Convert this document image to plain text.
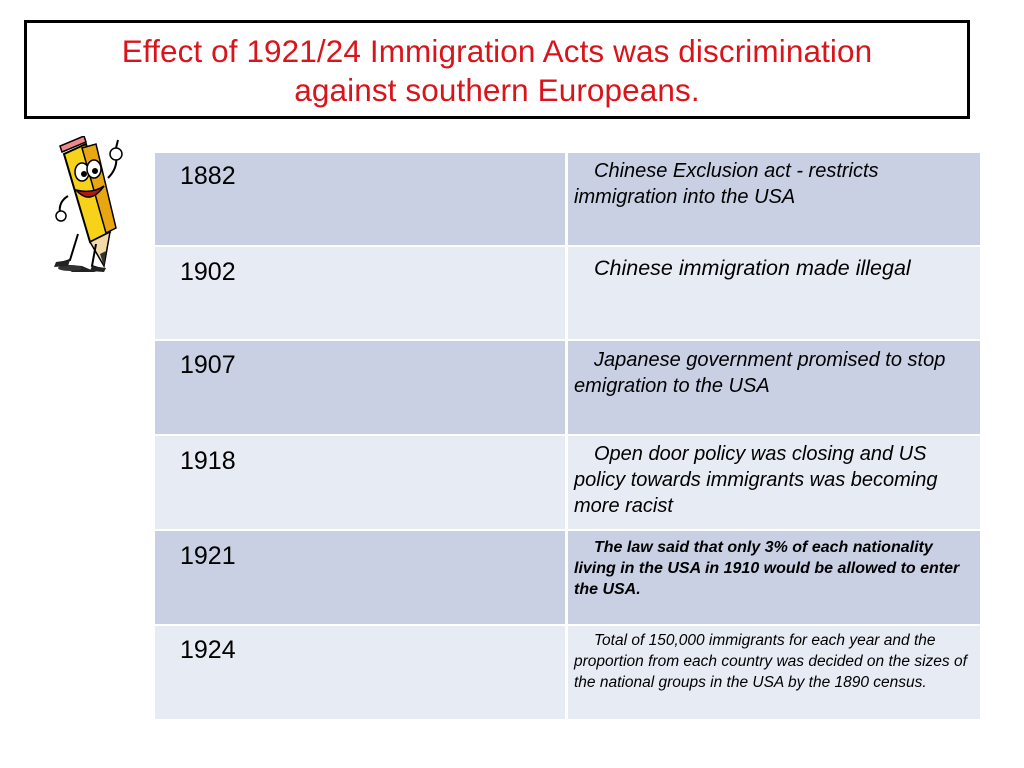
Effect of 1921/24 Immigration Acts was discrimination
against southern Europeans.
1882	Chinese Exclusion act - restricts immigration into the USA

1902	Chinese immigration made illegal

1907	Japanese government promised to stop emigration to the USA

1918	Open door policy was closing and US policy towards immigrants was becoming more racist

1921	The law said that only 3% of each nationality living in the USA in 1910 would be allowed to enter the USA.

1924	Total of 150,000 immigrants for each year and the proportion from each country was decided on the sizes of the national groups in the USA by the 1890 census.
